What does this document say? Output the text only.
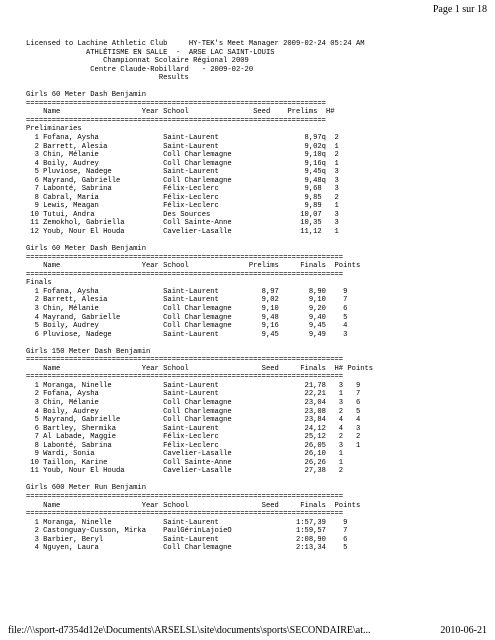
Page 1 sur 18
Licensed to Lachine Athletic Club     HY-TEK's Meet Manager 2009-02-24 05:24 AM
ATHLÉTISME EN SALLE  -  ARSE LAC SAINT-LOUIS
Championnat Scolaire Régional 2009
Centre Claude-Robillard   - 2009-02-20
Results
Girls 60 Meter Dash Benjamin
======================================================================
Name                   Year School               Seed    Prelims  H#
======================================================================
Preliminaries
1 Fofana, Aysha               Saint-Laurent                    8,97q  2
2 Barrett, Alesia             Saint-Laurent                    9,02q  1
3 Chin, Mélanie               Coll Charlemagne                 9,10q  2
4 Boily, Audrey               Coll Charlemagne                 9,16q  1
5 Pluviose, Nadege            Saint-Laurent                    9,45q  3
6 Mayrand, Gabrielle          Coll Charlemagne                 9,48q  3
7 Labonté, Sabrina            Félix-Leclerc                    9,68   3
8 Cabral, Maria               Félix-Leclerc                    9,85   2
9 Lewis, Meagan               Félix-Leclerc                    9,89   1
10 Tutui, Andra                Des Sources                     10,07   3
11 Zemokhol, Gabriella         Coll Sainte-Anne                10,35   3
12 Youb, Nour El Houda         Cavelier-Lasalle                11,12   1
Girls 60 Meter Dash Benjamin
==========================================================================
Name                   Year School              Prelims     Finals  Points
==========================================================================
Finals
1 Fofana, Aysha               Saint-Laurent          8,97       8,90    9
2 Barrett, Alesia             Saint-Laurent          9,02       9,10    7
3 Chin, Mélanie               Coll Charlemagne       9,10       9,20    6
4 Mayrand, Gabrielle          Coll Charlemagne       9,48       9,40    5
5 Boily, Audrey               Coll Charlemagne       9,16       9,45    4
6 Pluviose, Nadege            Saint-Laurent          9,45       9,49    3
Girls 150 Meter Dash Benjamin
==========================================================================
Name                   Year School                 Seed     Finals  H# Points
==========================================================================
1 Moranga, Ninelle            Saint-Laurent                    21,78   3   9
2 Fofana, Aysha               Saint-Laurent                    22,21   1   7
3 Chin, Mélanie               Coll Charlemagne                 23,04   3   6
4 Boily, Audrey               Coll Charlemagne                 23,08   2   5
5 Mayrand, Gabrielle          Coll Charlemagne                 23,84   4   4
6 Bartley, Shermika           Saint-Laurent                    24,12   4   3
7 Al Labade, Maggie           Félix-Leclerc                    25,12   2   2
8 Labonté, Sabrina            Félix-Leclerc                    26,05   3   1
9 Wardi, Sonia                Cavelier-Lasalle                 26,10   1
10 Taillon, Karine             Coll Sainte-Anne                 26,26   1
11 Youb, Nour El Houda         Cavelier-Lasalle                 27,38   2
Girls 600 Meter Run Benjamin
==========================================================================
Name                   Year School                 Seed     Finals  Points
==========================================================================
1 Moranga, Ninelle            Saint-Laurent                  1:57,39    9
2 Castonguay-Cusson, Mirka    PaulGérinLajoieO               1:59,57    7
3 Barbier, Beryl              Saint-Laurent                  2:08,90    6
4 Nguyen, Laura               Coll Charlemagne               2:13,34    5
file://\\sport-d7354d12e\Documents\ARSELSL\site\documents\sports\SECONDAIRE\at...	2010-06-21
